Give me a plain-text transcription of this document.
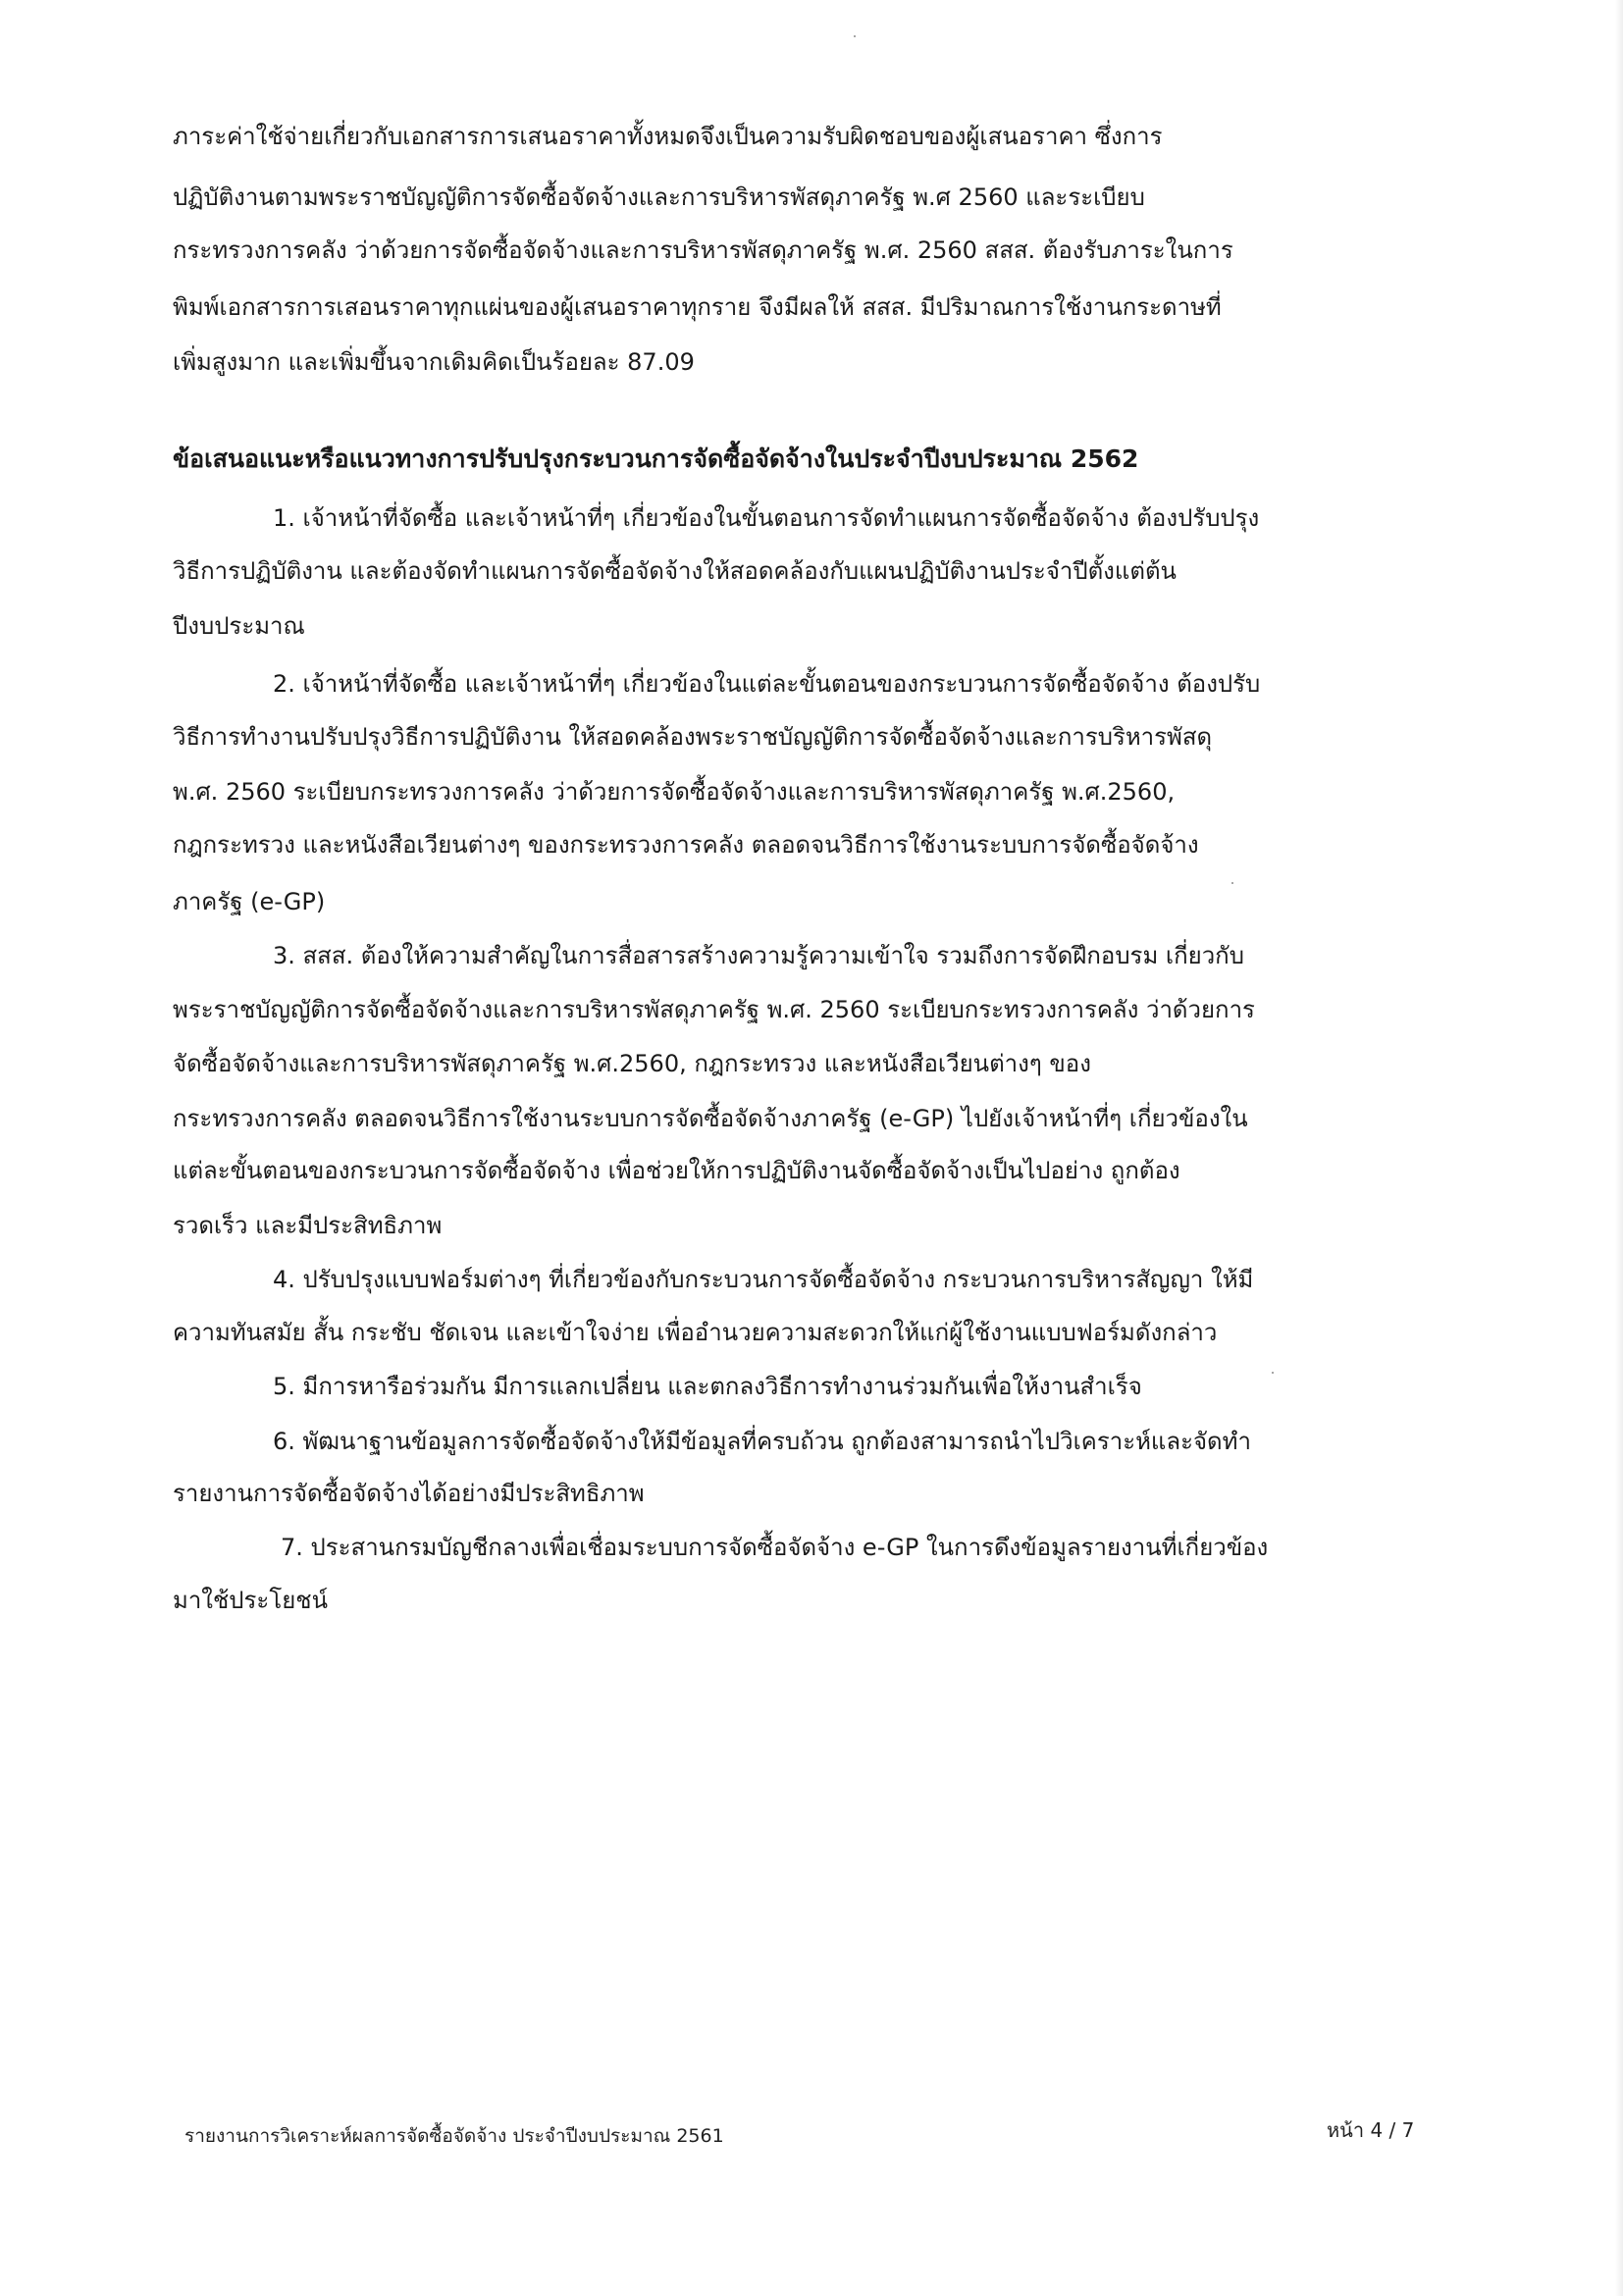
ภาระค่าใช้จ่ายเกี่ยวกับเอกสารการเสนอราคาทั้งหมดจึงเป็นความรับผิดชอบของผู้เสนอราคา ซึ่งการ
ปฏิบัติงานตามพระราชบัญญัติการจัดซื้อจัดจ้างและการบริหารพัสดุภาครัฐ พ.ศ 2560 และระเบียบ
กระทรวงการคลัง ว่าด้วยการจัดซื้อจัดจ้างและการบริหารพัสดุภาครัฐ พ.ศ. 2560 สสส. ต้องรับภาระในการ
พิมพ์เอกสารการเสอนราคาทุกแผ่นของผู้เสนอราคาทุกราย จึงมีผลให้ สสส. มีปริมาณการใช้งานกระดาษที่
เพิ่มสูงมาก และเพิ่มขึ้นจากเดิมคิดเป็นร้อยละ 87.09
ข้อเสนอแนะหรือแนวทางการปรับปรุงกระบวนการจัดซื้อจัดจ้างในประจำปีงบประมาณ 2562
1. เจ้าหน้าที่จัดซื้อ และเจ้าหน้าที่ๆ เกี่ยวข้องในขั้นตอนการจัดทำแผนการจัดซื้อจัดจ้าง ต้องปรับปรุง
วิธีการปฏิบัติงาน และต้องจัดทำแผนการจัดซื้อจัดจ้างให้สอดคล้องกับแผนปฏิบัติงานประจำปีตั้งแต่ต้น
ปีงบประมาณ
2. เจ้าหน้าที่จัดซื้อ และเจ้าหน้าที่ๆ เกี่ยวข้องในแต่ละขั้นตอนของกระบวนการจัดซื้อจัดจ้าง ต้องปรับ
วิธีการทำงานปรับปรุงวิธีการปฏิบัติงาน ให้สอดคล้องพระราชบัญญัติการจัดซื้อจัดจ้างและการบริหารพัสดุ
พ.ศ. 2560 ระเบียบกระทรวงการคลัง ว่าด้วยการจัดซื้อจัดจ้างและการบริหารพัสดุภาครัฐ พ.ศ.2560,
กฎกระทรวง และหนังสือเวียนต่างๆ ของกระทรวงการคลัง ตลอดจนวิธีการใช้งานระบบการจัดซื้อจัดจ้าง
ภาครัฐ (e-GP)
3. สสส. ต้องให้ความสำคัญในการสื่อสารสร้างความรู้ความเข้าใจ รวมถึงการจัดฝึกอบรม เกี่ยวกับ
พระราชบัญญัติการจัดซื้อจัดจ้างและการบริหารพัสดุภาครัฐ พ.ศ. 2560 ระเบียบกระทรวงการคลัง ว่าด้วยการ
จัดซื้อจัดจ้างและการบริหารพัสดุภาครัฐ พ.ศ.2560, กฎกระทรวง และหนังสือเวียนต่างๆ ของ
กระทรวงการคลัง ตลอดจนวิธีการใช้งานระบบการจัดซื้อจัดจ้างภาครัฐ (e-GP) ไปยังเจ้าหน้าที่ๆ เกี่ยวข้องใน
แต่ละขั้นตอนของกระบวนการจัดซื้อจัดจ้าง เพื่อช่วยให้การปฏิบัติงานจัดซื้อจัดจ้างเป็นไปอย่าง ถูกต้อง
รวดเร็ว และมีประสิทธิภาพ
4. ปรับปรุงแบบฟอร์มต่างๆ ที่เกี่ยวข้องกับกระบวนการจัดซื้อจัดจ้าง กระบวนการบริหารสัญญา ให้มี
ความทันสมัย สั้น กระชับ ชัดเจน และเข้าใจง่าย เพื่ออำนวยความสะดวกให้แก่ผู้ใช้งานแบบฟอร์มดังกล่าว
5. มีการหารือร่วมกัน มีการแลกเปลี่ยน และตกลงวิธีการทำงานร่วมกันเพื่อให้งานสำเร็จ
6. พัฒนาฐานข้อมูลการจัดซื้อจัดจ้างให้มีข้อมูลที่ครบถ้วน ถูกต้องสามารถนำไปวิเคราะห์และจัดทำ
รายงานการจัดซื้อจัดจ้างได้อย่างมีประสิทธิภาพ
7. ประสานกรมบัญชีกลางเพื่อเชื่อมระบบการจัดซื้อจัดจ้าง e-GP ในการดึงข้อมูลรายงานที่เกี่ยวข้อง
มาใช้ประโยชน์
รายงานการวิเคราะห์ผลการจัดซื้อจัดจ้าง ประจำปีงบประมาณ 2561	หน้า 4 / 7
